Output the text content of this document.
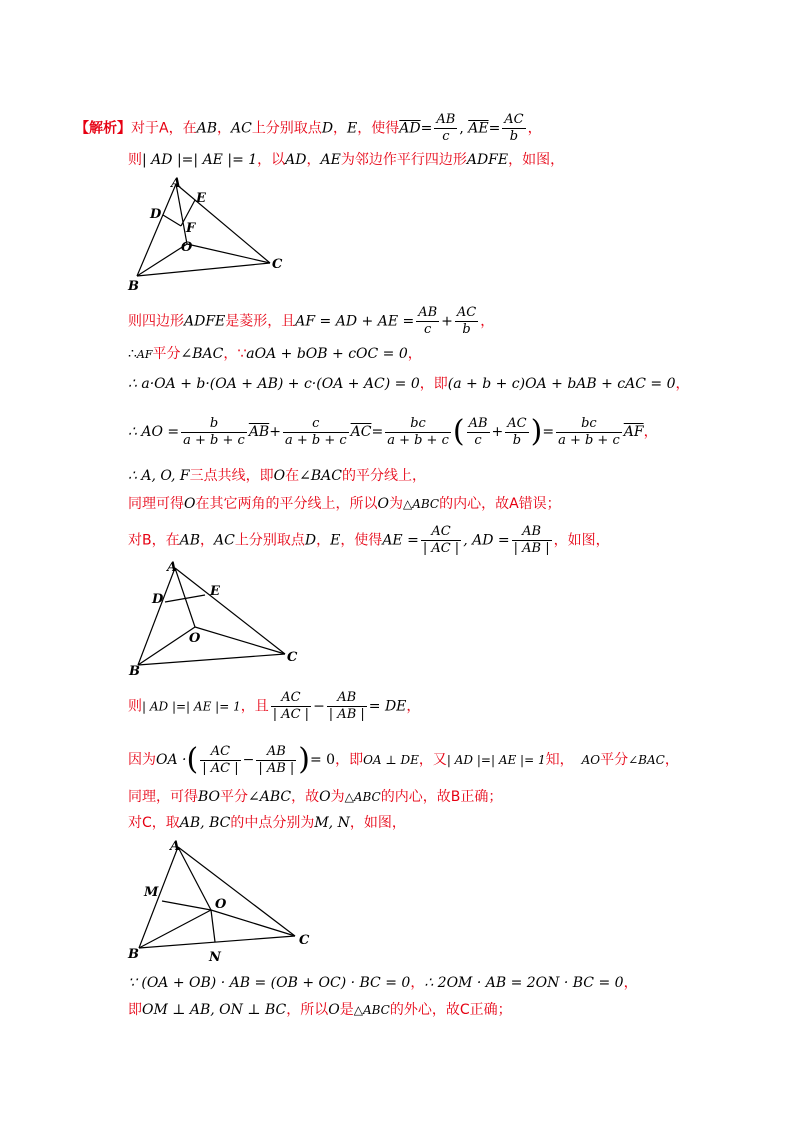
【解析】对于A，在AB，AC上分别取点D，E，使得$\overline{AD}= \frac{AB}{c}$ , $\overline{AE}= \frac{AC}{b}$ ，
则| AD |=| AE |= 1，以AD，AE为邻边作平行四边形ADFE，如图，
A
B
C
D
E
F
O
则四边形ADFE是菱形，且AF = AD + AE = $\frac{AB}{c} + \frac{AC}{b}$ ，
∴AF平分∠BAC，∵aOA + bOB + cOC = 0，
∴ a·OA + b·(OA + AB) + c·(OA + AC) = 0，即(a + b + c)OA + bAB + cAC = 0，
∴ AO = $\frac{b}{a + b + c} \overline{AB}+ \frac{c}{a + b + c} \overline{AC}= \frac{bc}{a + b + c}$ ( $\frac{AB}{c} + \frac{AC}{b}$ )= $\frac{bc}{a + b + c} \overline{AF}$，
∴ A, O, F三点共线，即O在∠BAC的平分线上，
同理可得O在其它两角的平分线上，所以O为△ABC的内心，故A错误；
对B，在AB，AC上分别取点D，E，使得AE = $\frac{AC}{| AC |}$ , AD = $\frac{AB}{| AB |}$ ，如图，
A
B
C
D
E
O
则| AD |=| AE |= 1，且 $\frac{AC}{| AC |} - \frac{AB}{| AB |}$ = DE，
因为OA ·( $\frac{AC}{| AC |} - \frac{AB}{| AB |}$ )= 0，即OA ⊥ DE，又| AD |=| AE |= 1知， AO平分∠BAC，
同理，可得BO平分∠ABC，故O为△ABC的内心，故B正确；
对C，取AB, BC的中点分别为M, N，如图，
A
B
C
M
N
O
∵ (OA + OB) · AB = (OB + OC) · BC = 0，∴ 2OM · AB = 2ON · BC = 0，
即OM ⊥ AB, ON ⊥ BC，所以O是△ABC的外心，故C正确；
